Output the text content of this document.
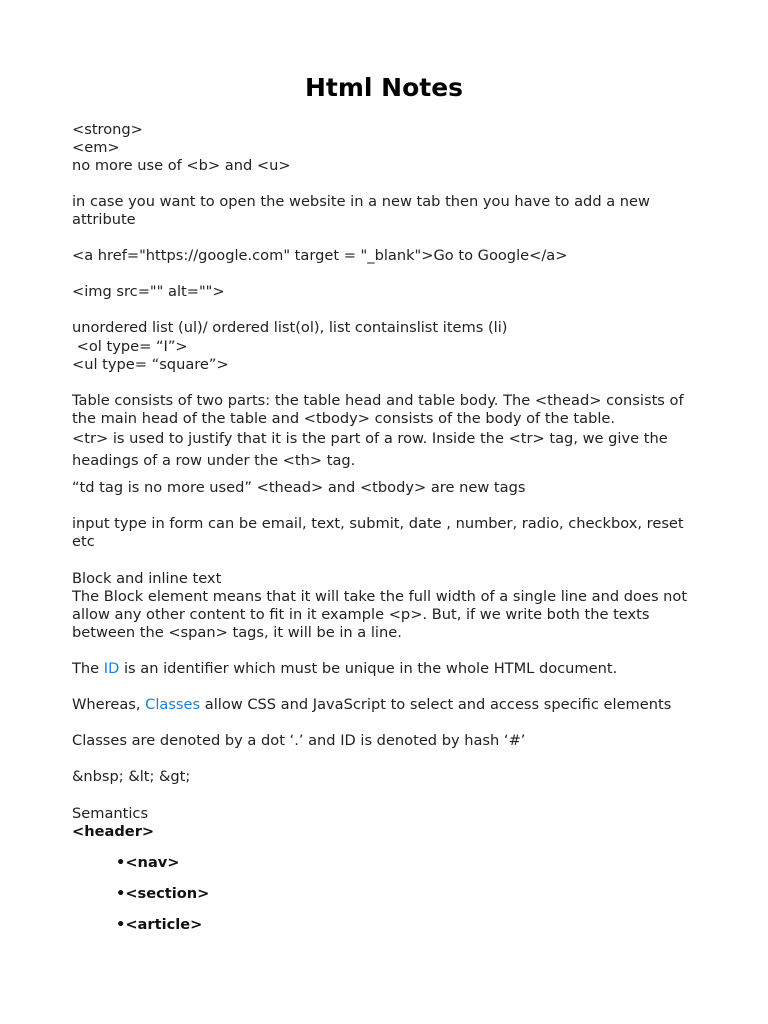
Html Notes
<strong>
<em>
no more use of <b> and <u>
in case you want to open the website in a new tab then you have to add a new attribute
<a href="https://google.com" target = "_blank">Go to Google</a>
<img src="" alt="">
unordered list (ul)/ ordered list(ol), list containslist items (li)
<ol type= “I”>
<ul type= “square”>
Table consists of two parts: the table head and table body. The <thead> consists of the main head of the table and <tbody> consists of the body of the table.
<tr> is used to justify that it is the part of a row. Inside the <tr> tag, we give the headings of a row under the <th> tag.
“td tag is no more used” <thead> and <tbody> are new tags
input type in form can be email, text, submit, date , number, radio, checkbox, reset etc
Block and inline text
The Block element means that it will take the full width of a single line and does not allow any other content to fit in it example <p>. But, if we write both the texts between the <span> tags, it will be in a line.
The ID is an identifier which must be unique in the whole HTML document.
Whereas, Classes allow CSS and JavaScript to select and access specific elements
Classes are denoted by a dot ‘.’ and ID is denoted by hash ‘#’
&nbsp; &lt; &gt;
Semantics
<header>
•<nav>
•<section>
•<article>
